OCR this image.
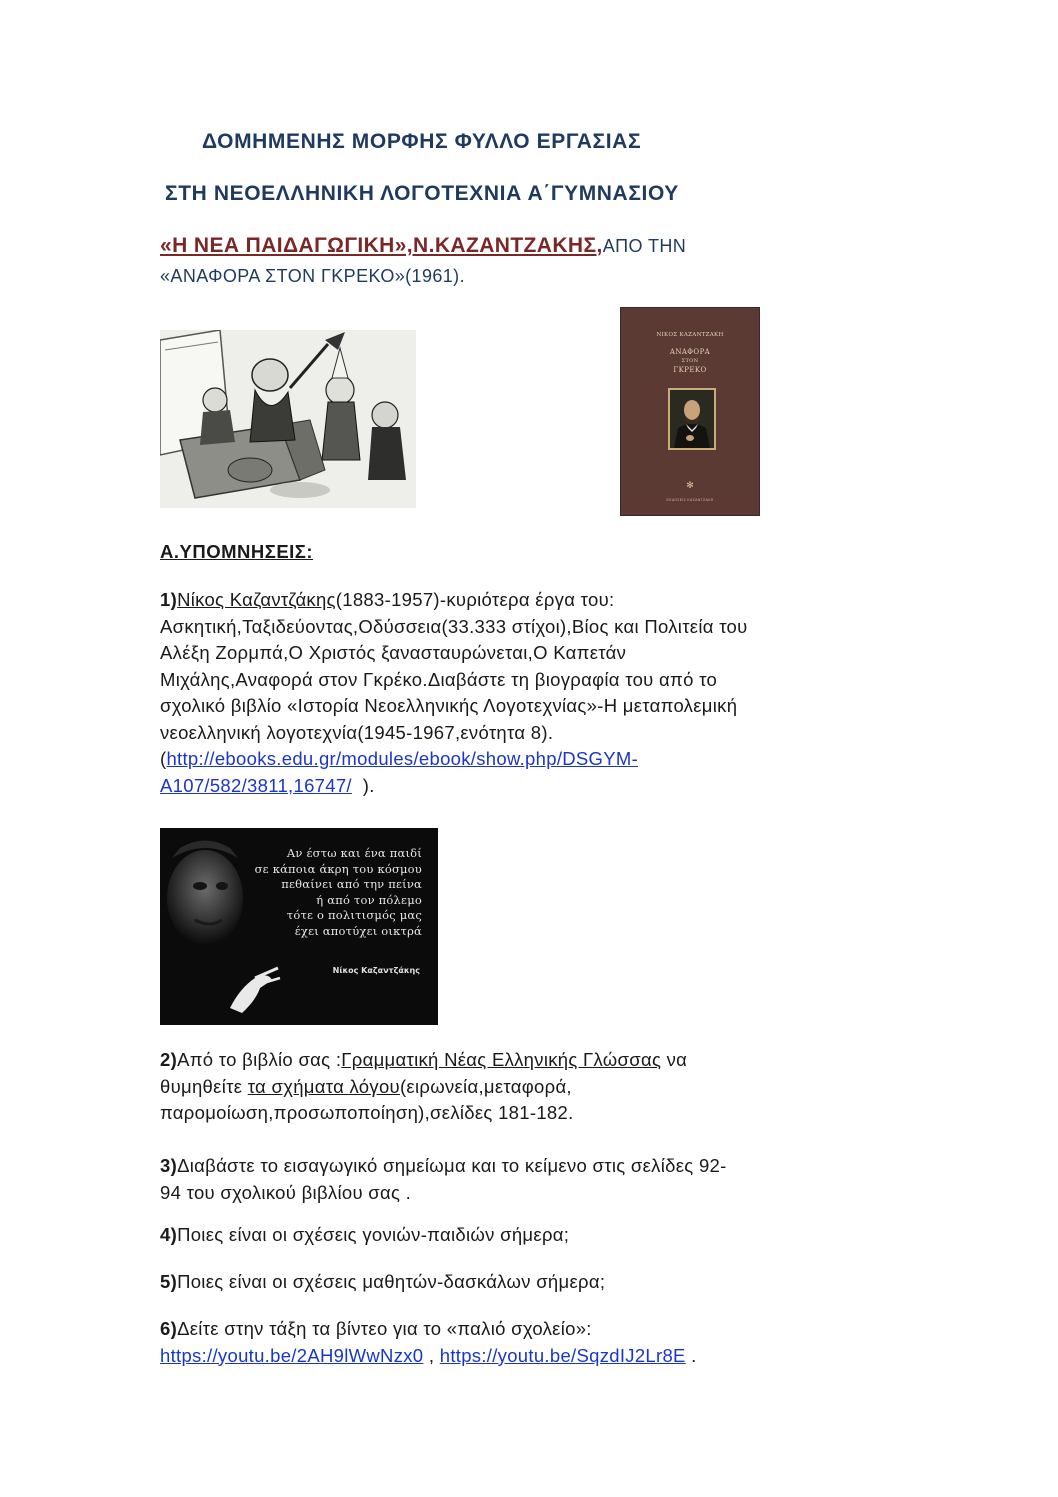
ΔΟΜΗΜΕΝΗΣ ΜΟΡΦΗΣ ΦΥΛΛΟ ΕΡΓΑΣΙΑΣ
ΣΤΗ ΝΕΟΕΛΛΗΝΙΚΗ ΛΟΓΟΤΕΧΝΙΑ Α΄ΓΥΜΝΑΣΙΟΥ
«Η ΝΕΑ ΠΑΙΔΑΓΩΓΙΚΗ»,Ν.ΚΑΖΑΝΤΖΑΚΗΣ,ΑΠΟ ΤΗΝ
«ΑΝΑΦΟΡΑ ΣΤΟΝ ΓΚΡΕΚΟ»(1961).
ΝΙΚΟΣ ΚΑΖΑΝΤΖΑΚΗ
ΑΝΑΦΟΡΑ
ΣΤΟΝ
ΓΚΡΕΚΟ
✻
ΕΚΔΟΣΕΙΣ ΚΑΖΑΝΤΖΑΚΗ
Α.ΥΠΟΜΝΗΣΕΙΣ:
1)Νίκος Καζαντζάκης(1883-1957)-κυριότερα έργα του:
Ασκητική,Ταξιδεύοντας,Οδύσσεια(33.333 στίχοι),Βίος και Πολιτεία του
Αλέξη Ζορμπά,Ο Χριστός ξανασταυρώνεται,Ο Καπετάν
Μιχάλης,Αναφορά στον Γκρέκο.Διαβάστε τη βιογραφία του από το
σχολικό βιβλίο «Ιστορία Νεοελληνικής Λογοτεχνίας»-Η μεταπολεμική
νεοελληνική λογοτεχνία(1945-1967,ενότητα 8).
(http://ebooks.edu.gr/modules/ebook/show.php/DSGYM-
A107/582/3811,16747/  ).
Αν έστω και ένα παιδί
σε κάποια άκρη του κόσμου
πεθαίνει από την πείνα
ή από τον πόλεμο
τότε ο πολιτισμός μας
έχει αποτύχει οικτρά
Νίκος Καζαντζάκης
2)Από το βιβλίο σας :Γραμματική Νέας Ελληνικής Γλώσσας να
θυμηθείτε τα σχήματα λόγου(ειρωνεία,μεταφορά,
παρομοίωση,προσωποποίηση),σελίδες 181-182.
3)Διαβάστε το εισαγωγικό σημείωμα και το κείμενο στις σελίδες 92-
94 του σχολικού βιβλίου σας .
4)Ποιες είναι οι σχέσεις γονιών-παιδιών σήμερα;
5)Ποιες είναι οι σχέσεις μαθητών-δασκάλων σήμερα;
6)Δείτε στην τάξη τα βίντεο για το «παλιό σχολείο»:
https://youtu.be/2AH9lWwNzx0 , https://youtu.be/SqzdIJ2Lr8E .
